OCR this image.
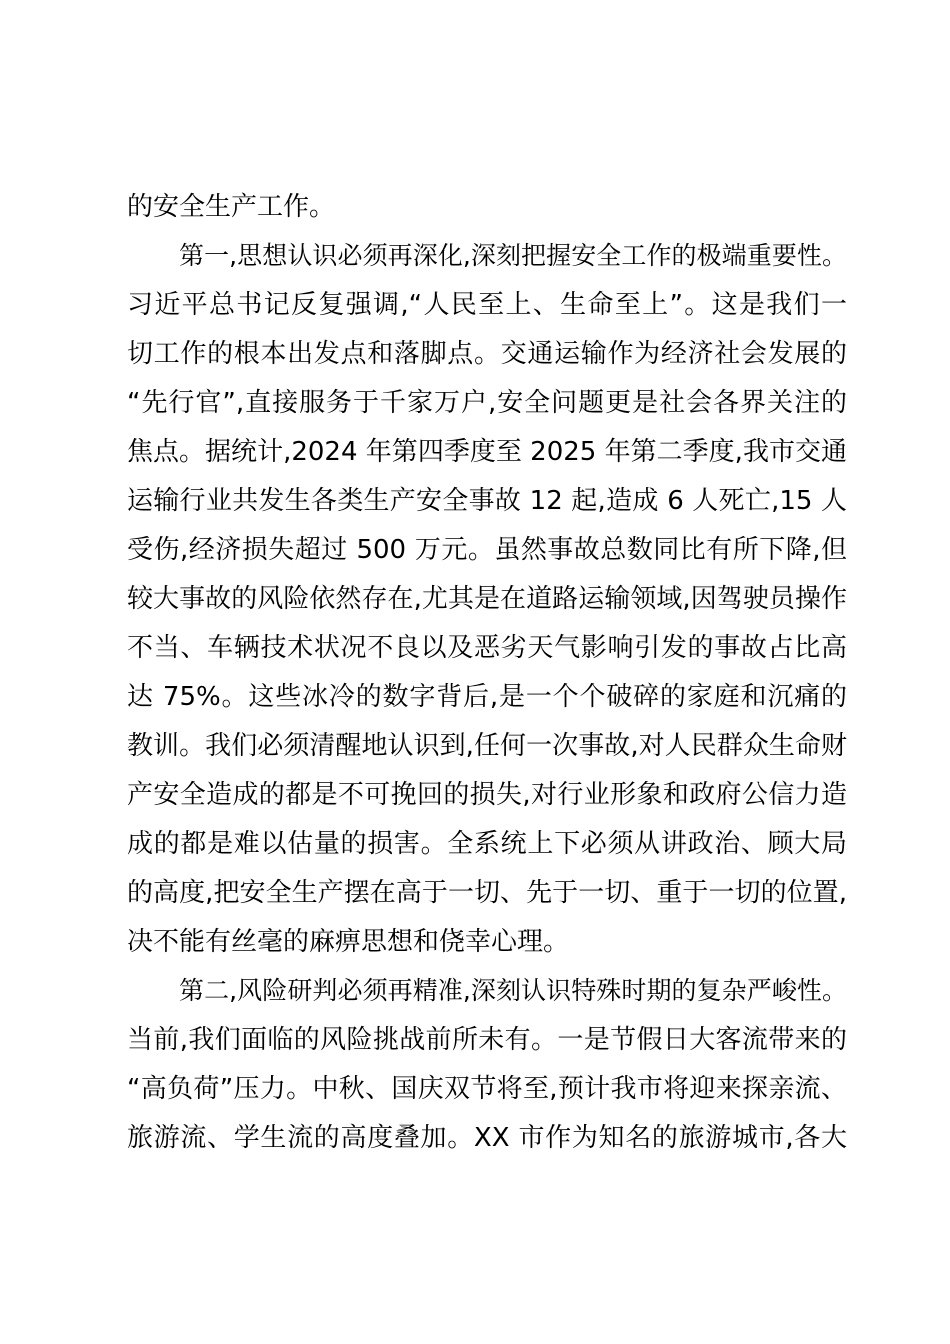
的安全生产工作。
第一,思想认识必须再深化,深刻把握安全工作的极端重要性。
习近平总书记反复强调,“人民至上、生命至上”。这是我们一
切工作的根本出发点和落脚点。交通运输作为经济社会发展的
“先行官”,直接服务于千家万户,安全问题更是社会各界关注的
焦点。据统计,2024 年第四季度至 2025 年第二季度,我市交通
运输行业共发生各类生产安全事故 12 起,造成 6 人死亡,15 人
受伤,经济损失超过 500 万元。虽然事故总数同比有所下降,但
较大事故的风险依然存在,尤其是在道路运输领域,因驾驶员操作
不当、车辆技术状况不良以及恶劣天气影响引发的事故占比高
达 75%。这些冰冷的数字背后,是一个个破碎的家庭和沉痛的
教训。我们必须清醒地认识到,任何一次事故,对人民群众生命财
产安全造成的都是不可挽回的损失,对行业形象和政府公信力造
成的都是难以估量的损害。全系统上下必须从讲政治、顾大局
的高度,把安全生产摆在高于一切、先于一切、重于一切的位置,
决不能有丝毫的麻痹思想和侥幸心理。
第二,风险研判必须再精准,深刻认识特殊时期的复杂严峻性。
当前,我们面临的风险挑战前所未有。一是节假日大客流带来的
“高负荷”压力。中秋、国庆双节将至,预计我市将迎来探亲流、
旅游流、学生流的高度叠加。XX 市作为知名的旅游城市,各大
